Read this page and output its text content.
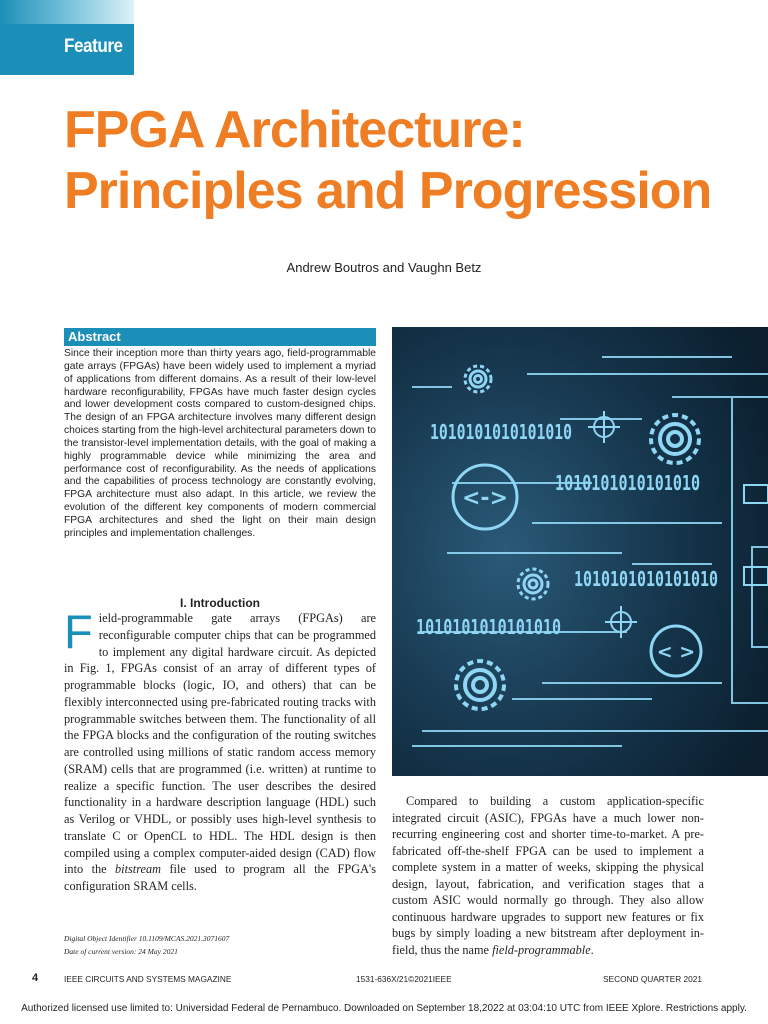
Feature
FPGA Architecture:
Principles and Progression
Andrew Boutros and Vaughn Betz
Abstract

Since their inception more than thirty years ago, field-programmable gate arrays (FPGAs) have been widely used to implement a myriad of applications from different domains. As a result of their low-level hardware reconfigurability, FPGAs have much faster design cycles and lower development costs compared to custom-designed chips. The design of an FPGA architecture involves many different design choices starting from the high-level architectural parameters down to the transistor-level implementation details, with the goal of making a highly programmable device while minimizing the area and performance cost of reconfigurability. As the needs of applications and the capabilities of process technology are constantly evolving, FPGA architecture must also adapt. In this article, we review the evolution of the different key components of modern commercial FPGA architectures and shed the light on their main design principles and implementation challenges.

I. Introduction

Field-programmable gate arrays (FPGAs) are reconfigurable computer chips that can be programmed to implement any digital hardware circuit. As depicted in Fig. 1, FPGAs consist of an array of different types of programmable blocks (logic, IO, and others) that can be flexibly interconnected using pre-fabricated routing tracks with programmable switches between them. The functionality of all the FPGA blocks and the configuration of the routing switches are controlled using millions of static random access memory (SRAM) cells that are programmed (i.e. written) at runtime to realize a specific function. The user describes the desired functionality in a hardware description language (HDL) such as Verilog or VHDL, or possibly uses high-level synthesis to translate C or OpenCL to HDL. The HDL design is then compiled using a complex computer-aided design (CAD) flow into the bitstream file used to program all the FPGA's configuration SRAM cells.

Digital Object Identifier 10.1109/MCAS.2021.3071607
Date of current version: 24 May 2021

Compared to building a custom application-specific integrated circuit (ASIC), FPGAs have a much lower non-recurring engineering cost and shorter time-to-market. A pre-fabricated off-the-shelf FPGA can be used to implement a complete system in a matter of weeks, skipping the physical design, layout, fabrication, and verification stages that a custom ASIC would normally go through. They also allow continuous hardware upgrades to support new features or fix bugs by simply loading a new bitstream after deployment in-field, thus the name field-programmable.

1010101010101010
1010101010101010
1010101010101010
1010101010101010
<->
< >
4	IEEE CIRCUITS AND SYSTEMS MAGAZINE	1531-636X/21©2021IEEE	SECOND QUARTER 2021
Authorized licensed use limited to: Universidad Federal de Pernambuco. Downloaded on September 18,2022 at 03:04:10 UTC from IEEE Xplore. Restrictions apply.
